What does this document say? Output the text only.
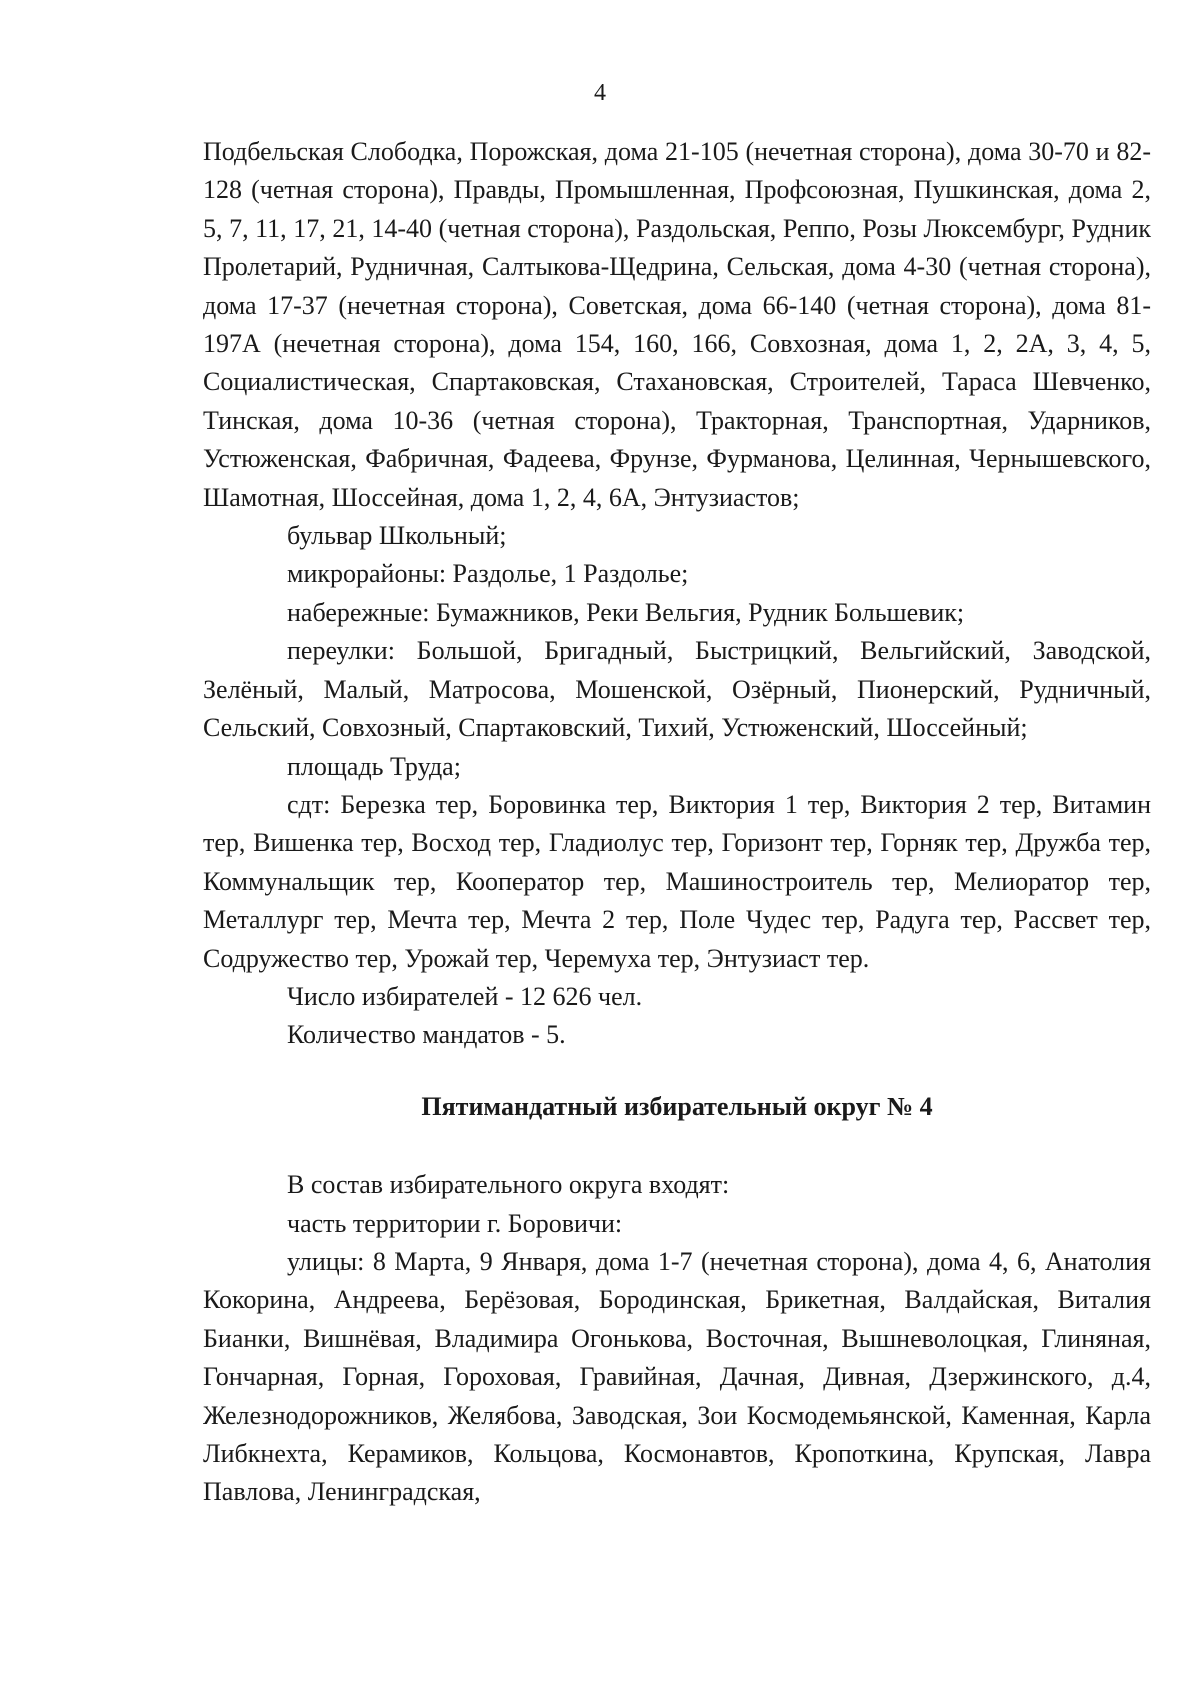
4

Подбельская Слободка, Порожская, дома 21-105 (нечетная сторона), дома 30-70 и 82-128 (четная сторона), Правды, Промышленная, Профсоюзная, Пушкинская, дома 2, 5, 7, 11, 17, 21, 14-40 (четная сторона), Раздольская, Реппо, Розы Люксембург, Рудник Пролетарий, Рудничная, Салтыкова-Щедрина, Сельская, дома 4-30 (четная сторона), дома 17-37 (нечетная сторона), Советская, дома 66-140 (четная сторона), дома 81-197А (нечетная сторона), дома 154, 160, 166, Совхозная, дома 1, 2, 2А, 3, 4, 5, Социалистическая, Спартаковская, Стахановская, Строителей, Тараса Шевченко, Тинская, дома 10-36 (четная сторона), Тракторная, Транспортная, Ударников, Устюженская, Фабричная, Фадеева, Фрунзе, Фурманова, Целинная, Чернышевского, Шамотная, Шоссейная, дома 1, 2, 4, 6А, Энтузиастов;

бульвар Школьный;

микрорайоны: Раздолье, 1 Раздолье;

набережные: Бумажников, Реки Вельгия, Рудник Большевик;

переулки: Большой, Бригадный, Быстрицкий, Вельгийский, Заводской, Зелёный, Малый, Матросова, Мошенской, Озёрный, Пионерский, Рудничный, Сельский, Совхозный, Спартаковский, Тихий, Устюженский, Шоссейный;

площадь Труда;

сдт: Березка тер, Боровинка тер, Виктория 1 тер, Виктория 2 тер, Витамин тер, Вишенка тер, Восход тер, Гладиолус тер, Горизонт тер, Горняк тер, Дружба тер, Коммунальщик тер, Кооператор тер, Машиностроитель тер, Мелиоратор тер, Металлург тер, Мечта тер, Мечта 2 тер, Поле Чудес тер, Радуга тер, Рассвет тер, Содружество тер, Урожай тер, Черемуха тер, Энтузиаст тер.

Число избирателей - 12 626 чел.

Количество мандатов - 5.

Пятимандатный избирательный округ № 4

В состав избирательного округа входят:

часть территории г. Боровичи:

улицы: 8 Марта, 9 Января, дома 1-7 (нечетная сторона), дома 4, 6, Анатолия Кокорина, Андреева, Берёзовая, Бородинская, Брикетная, Валдайская, Виталия Бианки, Вишнёвая, Владимира Огонькова, Восточная, Вышневолоцкая, Глиняная, Гончарная, Горная, Гороховая, Гравийная, Дачная, Дивная, Дзержинского, д.4, Железнодорожников, Желябова, Заводская, Зои Космодемьянской, Каменная, Карла Либкнехта, Керамиков, Кольцова, Космонавтов, Кропоткина, Крупская, Лавра Павлова, Ленинградская,
